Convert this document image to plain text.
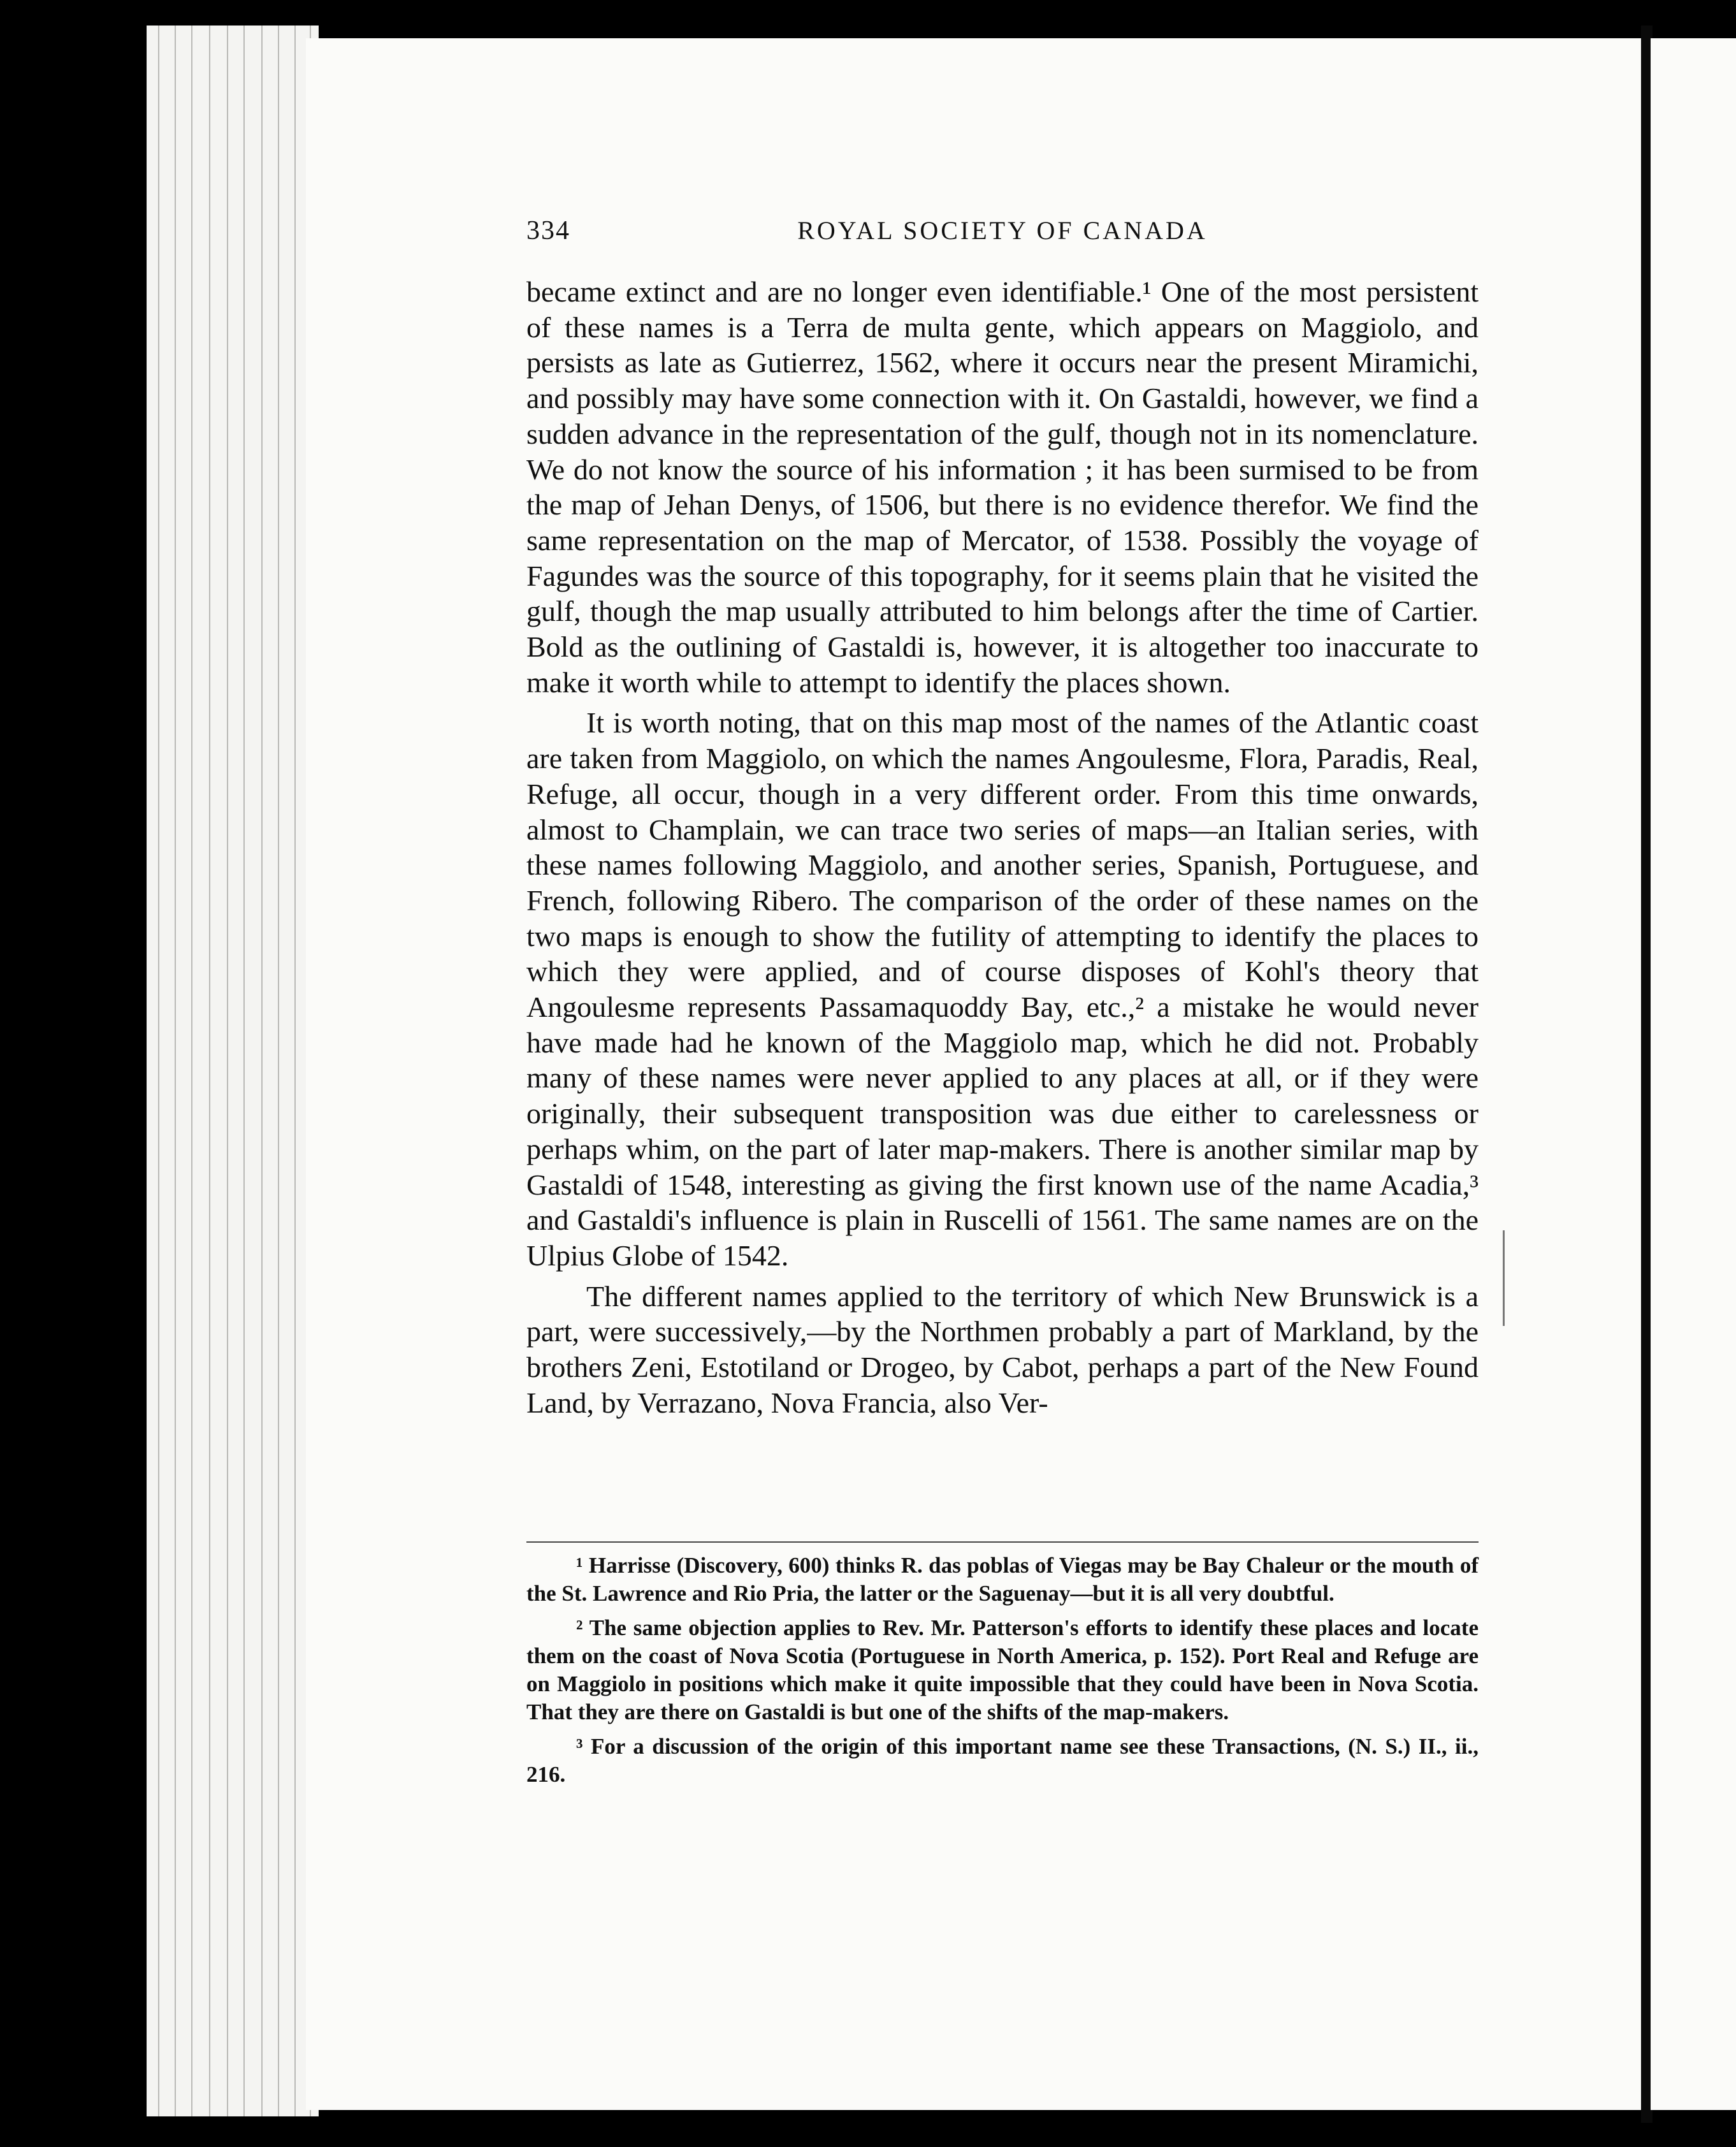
334	ROYAL SOCIETY OF CANADA

became extinct and are no longer even identifiable.¹ One of the most persistent of these names is a Terra de multa gente, which appears on Maggiolo, and persists as late as Gutierrez, 1562, where it occurs near the present Miramichi, and possibly may have some connection with it. On Gastaldi, however, we find a sudden advance in the representation of the gulf, though not in its nomenclature. We do not know the source of his information ; it has been surmised to be from the map of Jehan Denys, of 1506, but there is no evidence therefor. We find the same representation on the map of Mercator, of 1538. Possibly the voyage of Fagundes was the source of this topography, for it seems plain that he visited the gulf, though the map usually attributed to him belongs after the time of Cartier. Bold as the outlining of Gastaldi is, however, it is altogether too inaccurate to make it worth while to attempt to identify the places shown.

It is worth noting, that on this map most of the names of the Atlantic coast are taken from Maggiolo, on which the names Angoulesme, Flora, Paradis, Real, Refuge, all occur, though in a very different order. From this time onwards, almost to Champlain, we can trace two series of maps—an Italian series, with these names following Maggiolo, and another series, Spanish, Portuguese, and French, following Ribero. The comparison of the order of these names on the two maps is enough to show the futility of attempting to identify the places to which they were applied, and of course disposes of Kohl's theory that Angoulesme represents Passamaquoddy Bay, etc.,² a mistake he would never have made had he known of the Maggiolo map, which he did not. Probably many of these names were never applied to any places at all, or if they were originally, their subsequent transposition was due either to carelessness or perhaps whim, on the part of later map-makers. There is another similar map by Gastaldi of 1548, interesting as giving the first known use of the name Acadia,³ and Gastaldi's influence is plain in Ruscelli of 1561. The same names are on the Ulpius Globe of 1542.

The different names applied to the territory of which New Brunswick is a part, were successively,—by the Northmen probably a part of Markland, by the brothers Zeni, Estotiland or Drogeo, by Cabot, perhaps a part of the New Found Land, by Verrazano, Nova Francia, also Ver-

¹ Harrisse (Discovery, 600) thinks R. das poblas of Viegas may be Bay Chaleur or the mouth of the St. Lawrence and Rio Pria, the latter or the Saguenay—but it is all very doubtful.

² The same objection applies to Rev. Mr. Patterson's efforts to identify these places and locate them on the coast of Nova Scotia (Portuguese in North America, p. 152). Port Real and Refuge are on Maggiolo in positions which make it quite impossible that they could have been in Nova Scotia. That they are there on Gastaldi is but one of the shifts of the map-makers.

³ For a discussion of the origin of this important name see these Transactions, (N. S.) II., ii., 216.
